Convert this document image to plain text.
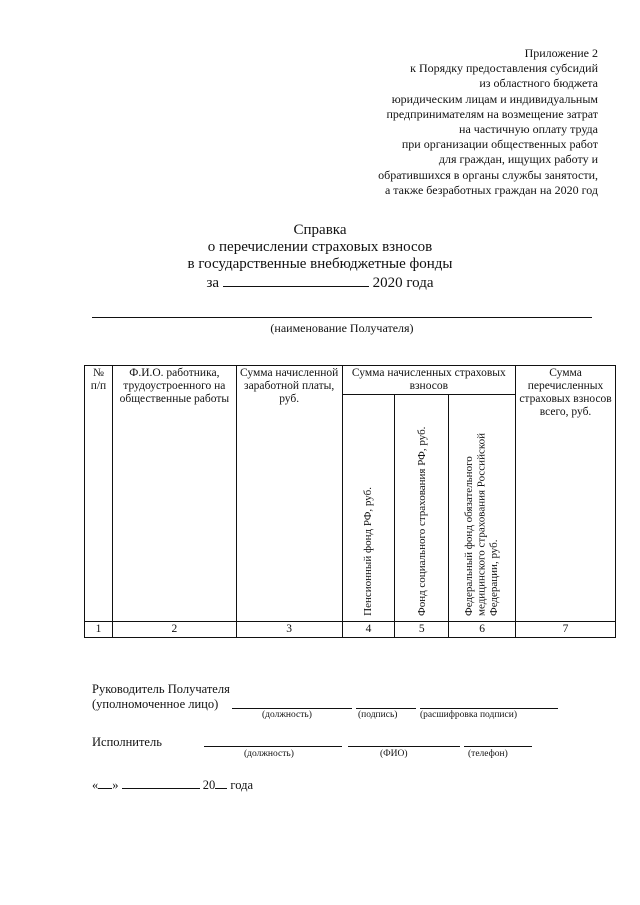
Приложение 2
к Порядку предоставления субсидий
из областного бюджета
юридическим лицам и индивидуальным
предпринимателям на возмещение затрат
на частичную оплату труда
при организации общественных работ
для граждан, ищущих работу и
обратившихся в органы службы занятости,
а также безработных граждан на 2020 год
Справка
о перечислении страховых взносов
в государственные внебюджетные фонды
за	2020 года
(наименование Получателя)
№ п/п	Ф.И.О. работника, трудоустроенного на общественные работы	Сумма начисленной заработной платы, руб.	Сумма начисленных страховых взносов			Сумма перечисленных страховых взносов всего, руб.

			Пенсионный фонд РФ, руб.	Фонд социального страхования РФ, руб.	Федеральный фонд обязательного медицинского страхования Российской Федерации, руб.	

1	2	3	4	5	6	7
Руководитель Получателя
(уполномоченное лицо)
(должность)	(подпись) (расшифровка подписи)
Исполнитель
(должность)	(ФИО)	(телефон)
« »	20 года
